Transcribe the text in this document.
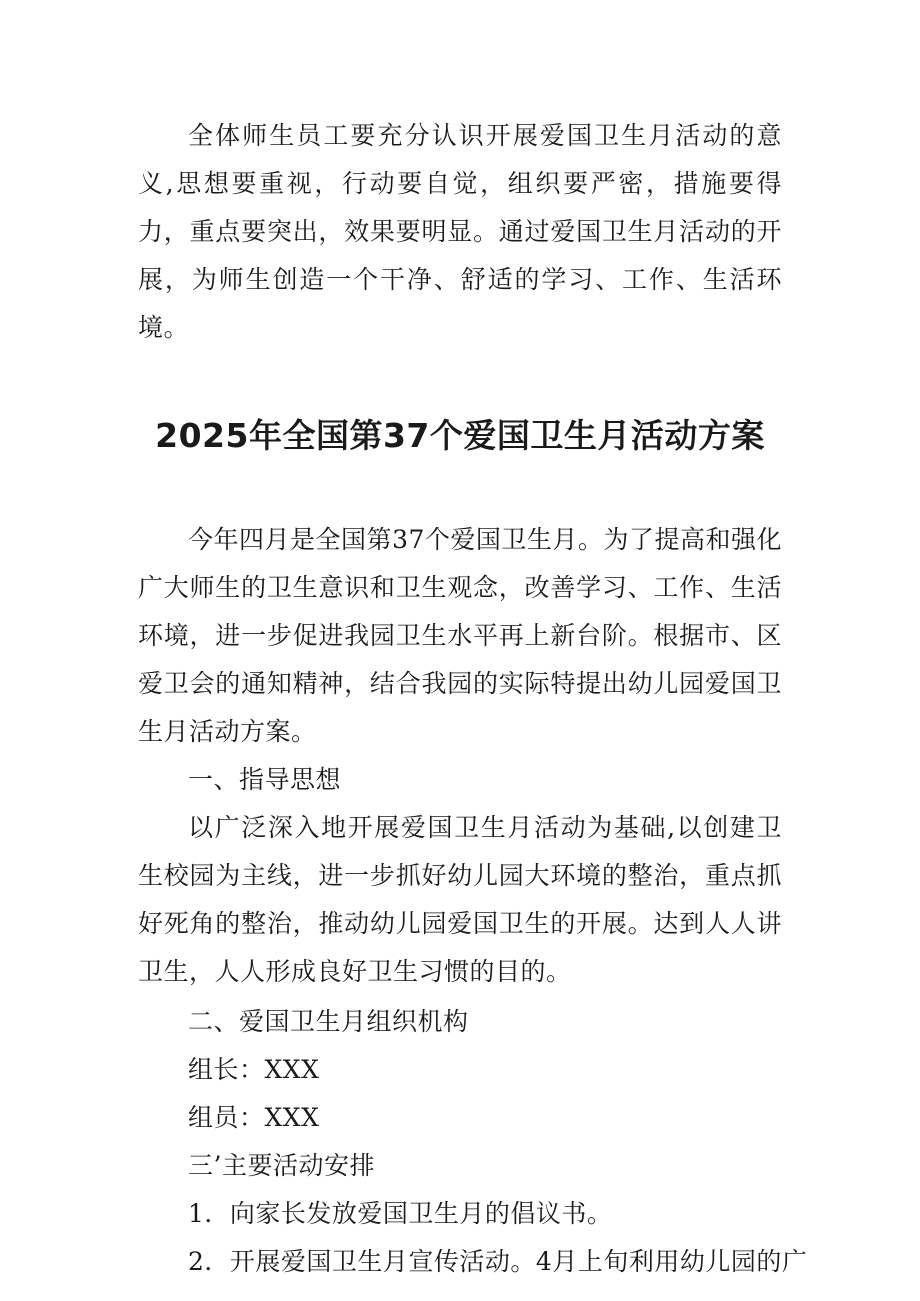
全体师生员工要充分认识开展爱国卫生月活动的意义,思想要重视，行动要自觉，组织要严密，措施要得力，重点要突出，效果要明显。通过爱国卫生月活动的开展，为师生创造一个干净、舒适的学习、工作、生活环境。

2025年全国第37个爱国卫生月活动方案

今年四月是全国第37个爱国卫生月。为了提高和强化广大师生的卫生意识和卫生观念，改善学习、工作、生活环境，进一步促进我园卫生水平再上新台阶。根据市、区爱卫会的通知精神，结合我园的实际特提出幼儿园爱国卫生月活动方案。

一、指导思想

以广泛深入地开展爱国卫生月活动为基础,以创建卫生校园为主线，进一步抓好幼儿园大环境的整治，重点抓好死角的整治，推动幼儿园爱国卫生的开展。达到人人讲卫生，人人形成良好卫生习惯的目的。

二、爱国卫生月组织机构

组长：XXX

组员：XXX

三’主要活动安排

1．向家长发放爱国卫生月的倡议书。

2．开展爱国卫生月宣传活动。4月上旬利用幼儿园的广
